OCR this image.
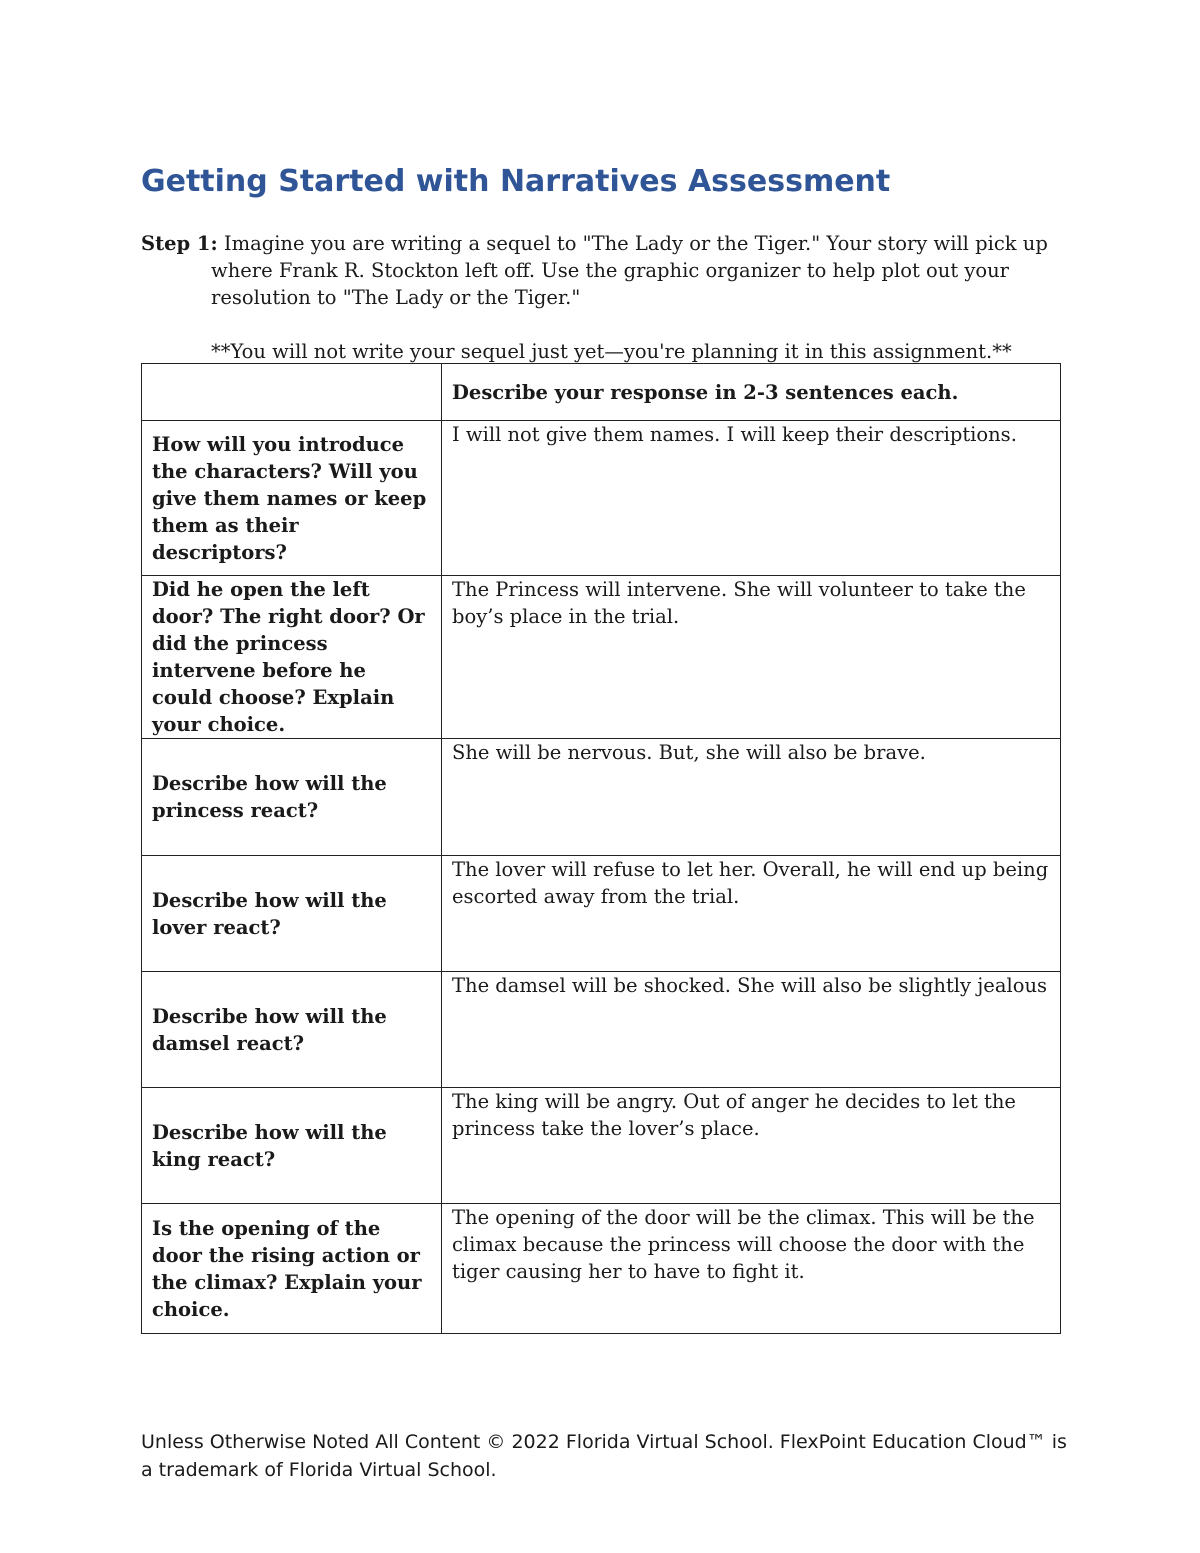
Getting Started with Narratives Assessment

Step 1: Imagine you are writing a sequel to "The Lady or the Tiger." Your story will pick up where Frank R. Stockton left off. Use the graphic organizer to help plot out your resolution to "The Lady or the Tiger."

**You will not write your sequel just yet—you're planning it in this assignment.**

	Describe your response in 2-3 sentences each.
How will you introduce the characters? Will you give them names or keep them as their descriptors?	I will not give them names. I will keep their descriptions.
Did he open the left door? The right door? Or did the princess intervene before he could choose? Explain your choice.	The Princess will intervene. She will volunteer to take the boy’s place in the trial.
Describe how will the princess react?	She will be nervous. But, she will also be brave.
Describe how will the lover react?	The lover will refuse to let her. Overall, he will end up being escorted away from the trial.
Describe how will the damsel react?	The damsel will be shocked. She will also be slightly jealous
Describe how will the king react?	The king will be angry. Out of anger he decides to let the princess take the lover’s place.
Is the opening of the door the rising action or the climax? Explain your choice.	The opening of the door will be the climax. This will be the climax because the princess will choose the door with the tiger causing her to have to fight it.

Unless Otherwise Noted All Content © 2022 Florida Virtual School. FlexPoint Education Cloud™ is a trademark of Florida Virtual School.
